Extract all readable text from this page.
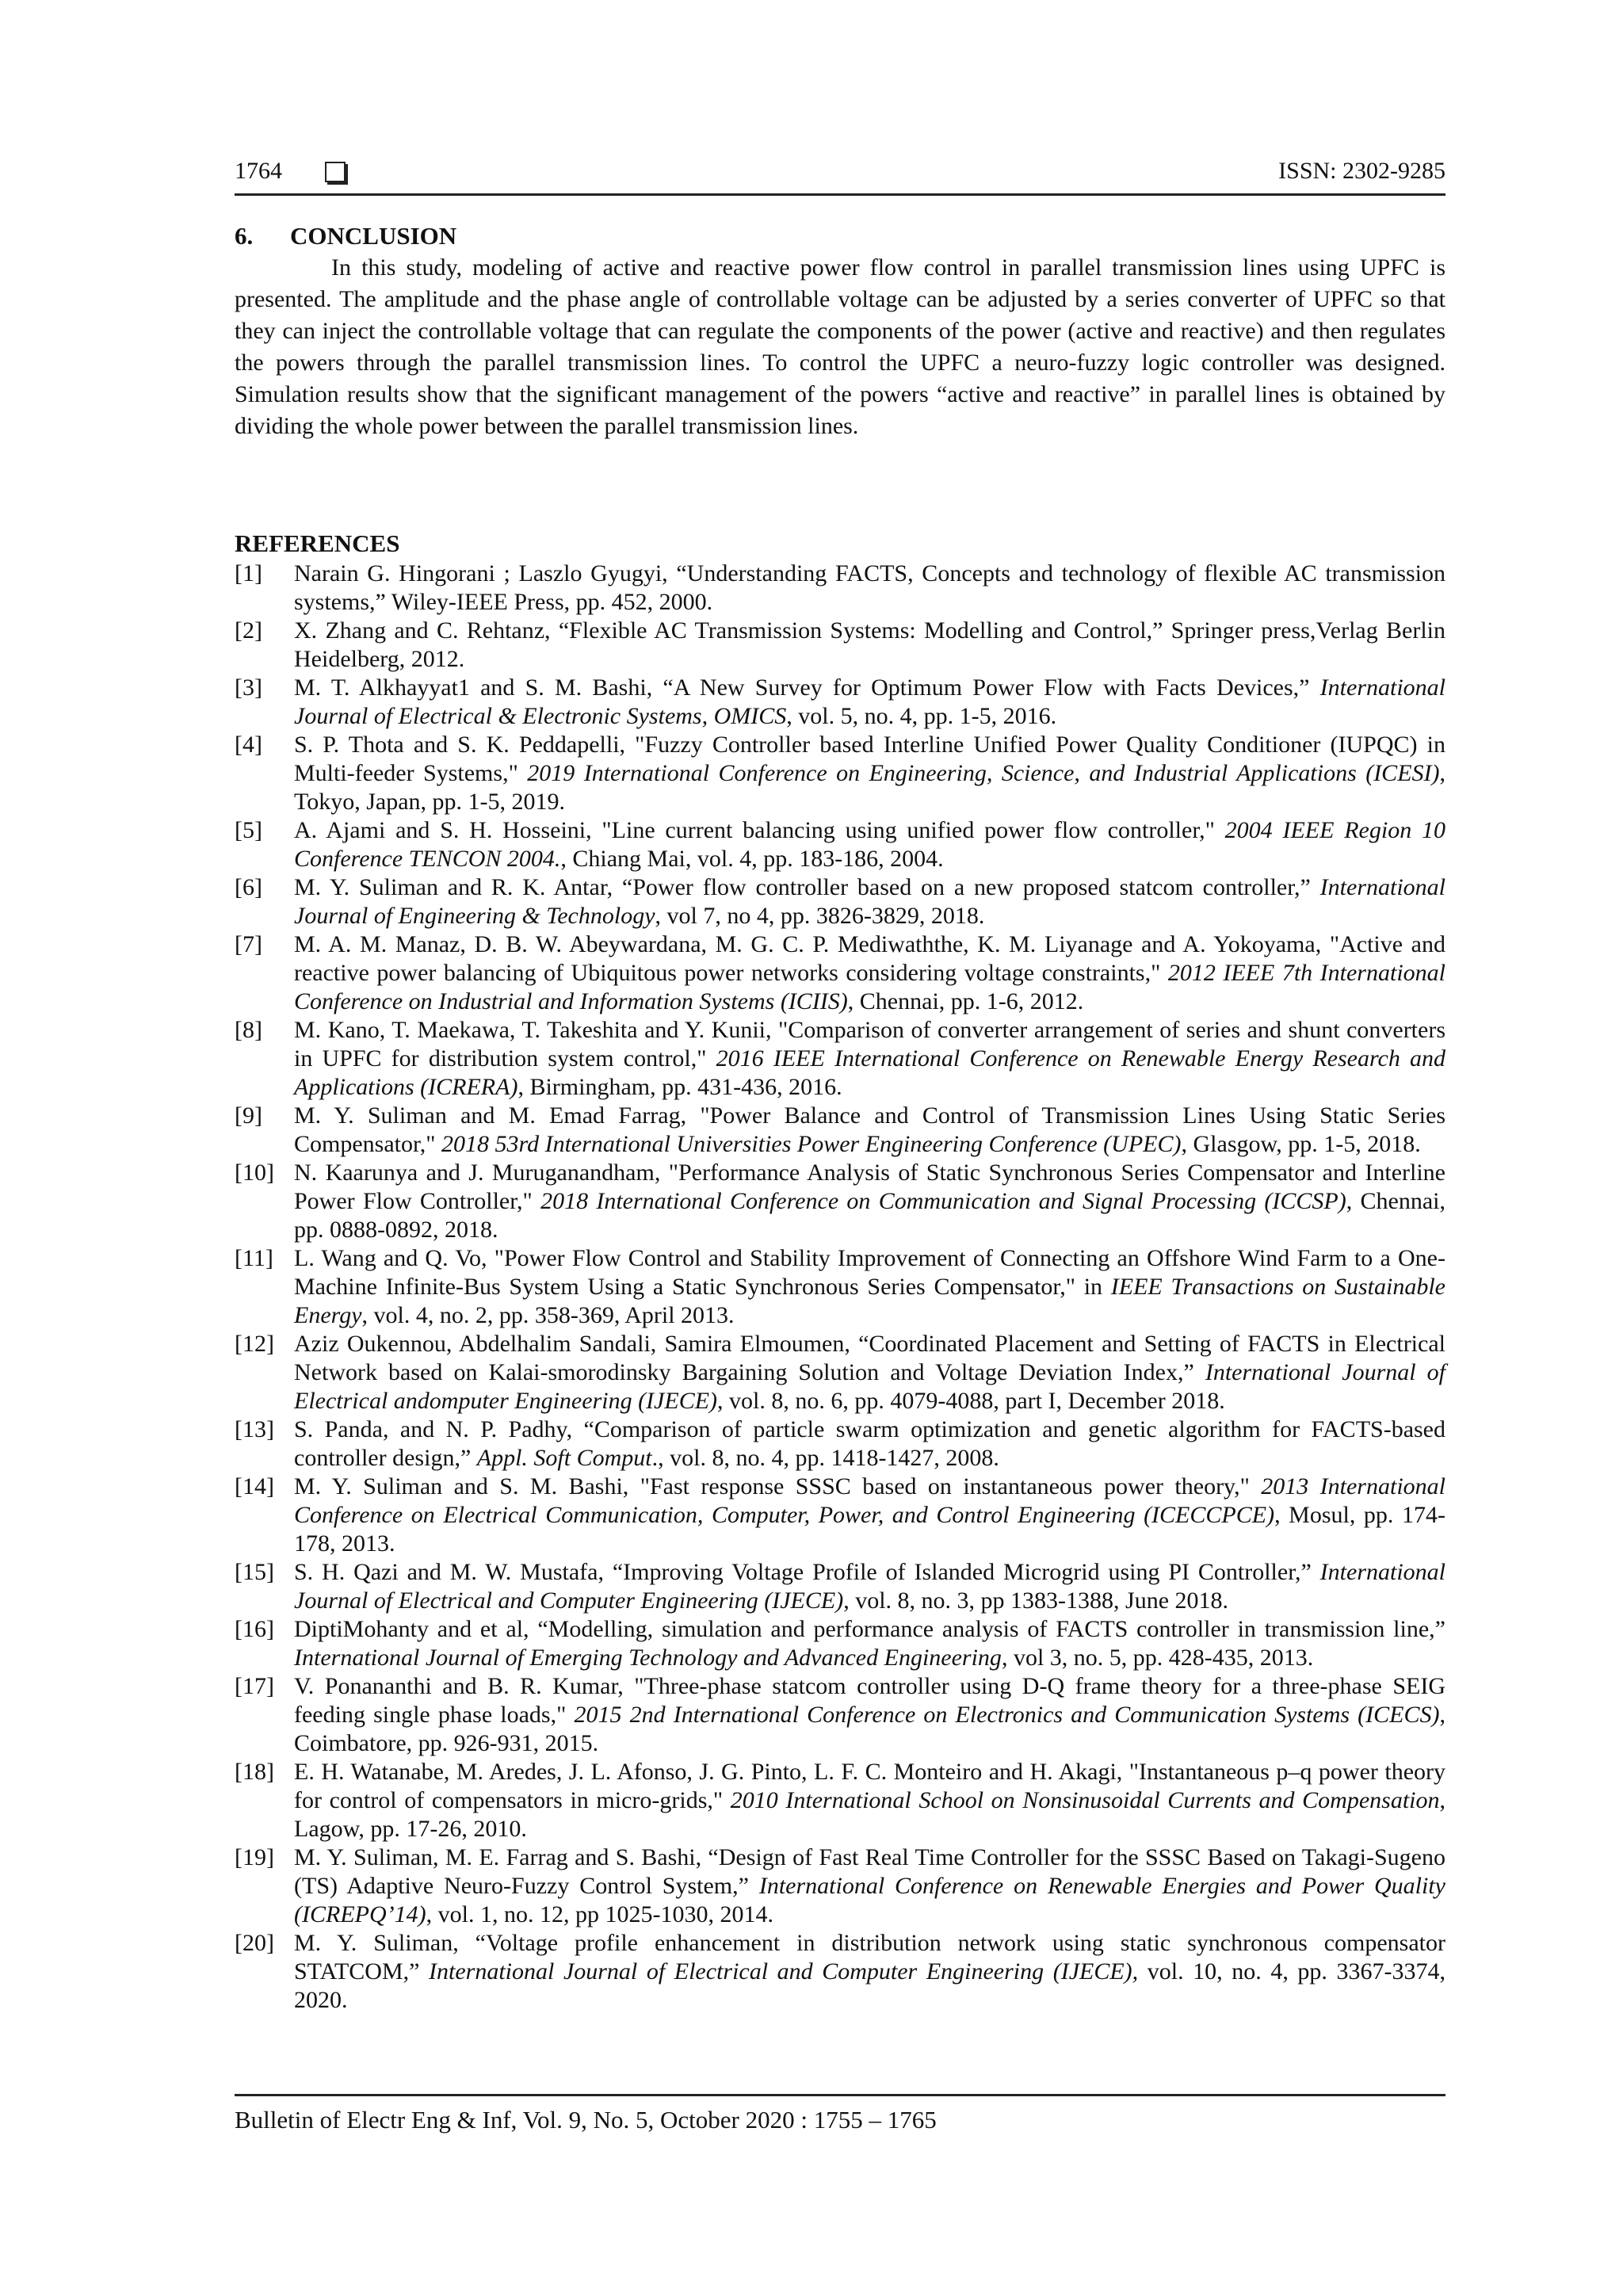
1764	ISSN: 2302-9285
6. CONCLUSION

In this study, modeling of active and reactive power flow control in parallel transmission lines using UPFC is presented. The amplitude and the phase angle of controllable voltage can be adjusted by a series converter of UPFC so that they can inject the controllable voltage that can regulate the components of the power (active and reactive) and then regulates the powers through the parallel transmission lines. To control the UPFC a neuro-fuzzy logic controller was designed. Simulation results show that the significant management of the powers “active and reactive” in parallel lines is obtained by dividing the whole power between the parallel transmission lines.

REFERENCES
[1] Narain G. Hingorani ; Laszlo Gyugyi, “Understanding FACTS, Concepts and technology of flexible AC transmission systems,” Wiley-IEEE Press, pp. 452, 2000.
[2] X. Zhang and C. Rehtanz, “Flexible AC Transmission Systems: Modelling and Control,” Springer press,Verlag Berlin Heidelberg, 2012.
[3] M. T. Alkhayyat1 and S. M. Bashi, “A New Survey for Optimum Power Flow with Facts Devices,” International Journal of Electrical & Electronic Systems, OMICS, vol. 5, no. 4, pp. 1-5, 2016.
[4] S. P. Thota and S. K. Peddapelli, "Fuzzy Controller based Interline Unified Power Quality Conditioner (IUPQC) in Multi-feeder Systems," 2019 International Conference on Engineering, Science, and Industrial Applications (ICESI), Tokyo, Japan, pp. 1-5, 2019.
[5] A. Ajami and S. H. Hosseini, "Line current balancing using unified power flow controller," 2004 IEEE Region 10 Conference TENCON 2004., Chiang Mai, vol. 4, pp. 183-186, 2004.
[6] M. Y. Suliman and R. K. Antar, “Power flow controller based on a new proposed statcom controller,” International Journal of Engineering & Technology, vol 7, no 4, pp. 3826-3829, 2018.
[7] M. A. M. Manaz, D. B. W. Abeywardana, M. G. C. P. Mediwaththe, K. M. Liyanage and A. Yokoyama, "Active and reactive power balancing of Ubiquitous power networks considering voltage constraints," 2012 IEEE 7th International Conference on Industrial and Information Systems (ICIIS), Chennai, pp. 1-6, 2012.
[8] M. Kano, T. Maekawa, T. Takeshita and Y. Kunii, "Comparison of converter arrangement of series and shunt converters in UPFC for distribution system control," 2016 IEEE International Conference on Renewable Energy Research and Applications (ICRERA), Birmingham, pp. 431-436, 2016.
[9] M. Y. Suliman and M. Emad Farrag, "Power Balance and Control of Transmission Lines Using Static Series Compensator," 2018 53rd International Universities Power Engineering Conference (UPEC), Glasgow, pp. 1-5, 2018.
[10] N. Kaarunya and J. Muruganandham, "Performance Analysis of Static Synchronous Series Compensator and Interline Power Flow Controller," 2018 International Conference on Communication and Signal Processing (ICCSP), Chennai, pp. 0888-0892, 2018.
[11] L. Wang and Q. Vo, "Power Flow Control and Stability Improvement of Connecting an Offshore Wind Farm to a One-Machine Infinite-Bus System Using a Static Synchronous Series Compensator," in IEEE Transactions on Sustainable Energy, vol. 4, no. 2, pp. 358-369, April 2013.
[12] Aziz Oukennou, Abdelhalim Sandali, Samira Elmoumen, “Coordinated Placement and Setting of FACTS in Electrical Network based on Kalai-smorodinsky Bargaining Solution and Voltage Deviation Index,” International Journal of Electrical andomputer Engineering (IJECE), vol. 8, no. 6, pp. 4079-4088, part I, December 2018.
[13] S. Panda, and N. P. Padhy, “Comparison of particle swarm optimization and genetic algorithm for FACTS-based controller design,” Appl. Soft Comput., vol. 8, no. 4, pp. 1418-1427, 2008.
[14] M. Y. Suliman and S. M. Bashi, "Fast response SSSC based on instantaneous power theory," 2013 International Conference on Electrical Communication, Computer, Power, and Control Engineering (ICECCPCE), Mosul, pp. 174-178, 2013.
[15] S. H. Qazi and M. W. Mustafa, “Improving Voltage Profile of Islanded Microgrid using PI Controller,” International Journal of Electrical and Computer Engineering (IJECE), vol. 8, no. 3, pp 1383-1388, June 2018.
[16] DiptiMohanty and et al, “Modelling, simulation and performance analysis of FACTS controller in transmission line,” International Journal of Emerging Technology and Advanced Engineering, vol 3, no. 5, pp. 428-435, 2013.
[17] V. Ponananthi and B. R. Kumar, "Three-phase statcom controller using D-Q frame theory for a three-phase SEIG feeding single phase loads," 2015 2nd International Conference on Electronics and Communication Systems (ICECS), Coimbatore, pp. 926-931, 2015.
[18] E. H. Watanabe, M. Aredes, J. L. Afonso, J. G. Pinto, L. F. C. Monteiro and H. Akagi, "Instantaneous p–q power theory for control of compensators in micro-grids," 2010 International School on Nonsinusoidal Currents and Compensation, Lagow, pp. 17-26, 2010.
[19] M. Y. Suliman, M. E. Farrag and S. Bashi, “Design of Fast Real Time Controller for the SSSC Based on Takagi-Sugeno (TS) Adaptive Neuro-Fuzzy Control System,” International Conference on Renewable Energies and Power Quality (ICREPQ’14), vol. 1, no. 12, pp 1025-1030, 2014.
[20] M. Y. Suliman, “Voltage profile enhancement in distribution network using static synchronous compensator STATCOM,” International Journal of Electrical and Computer Engineering (IJECE), vol. 10, no. 4, pp. 3367-3374, 2020.
Bulletin of Electr Eng & Inf, Vol. 9, No. 5, October 2020 : 1755 – 1765
